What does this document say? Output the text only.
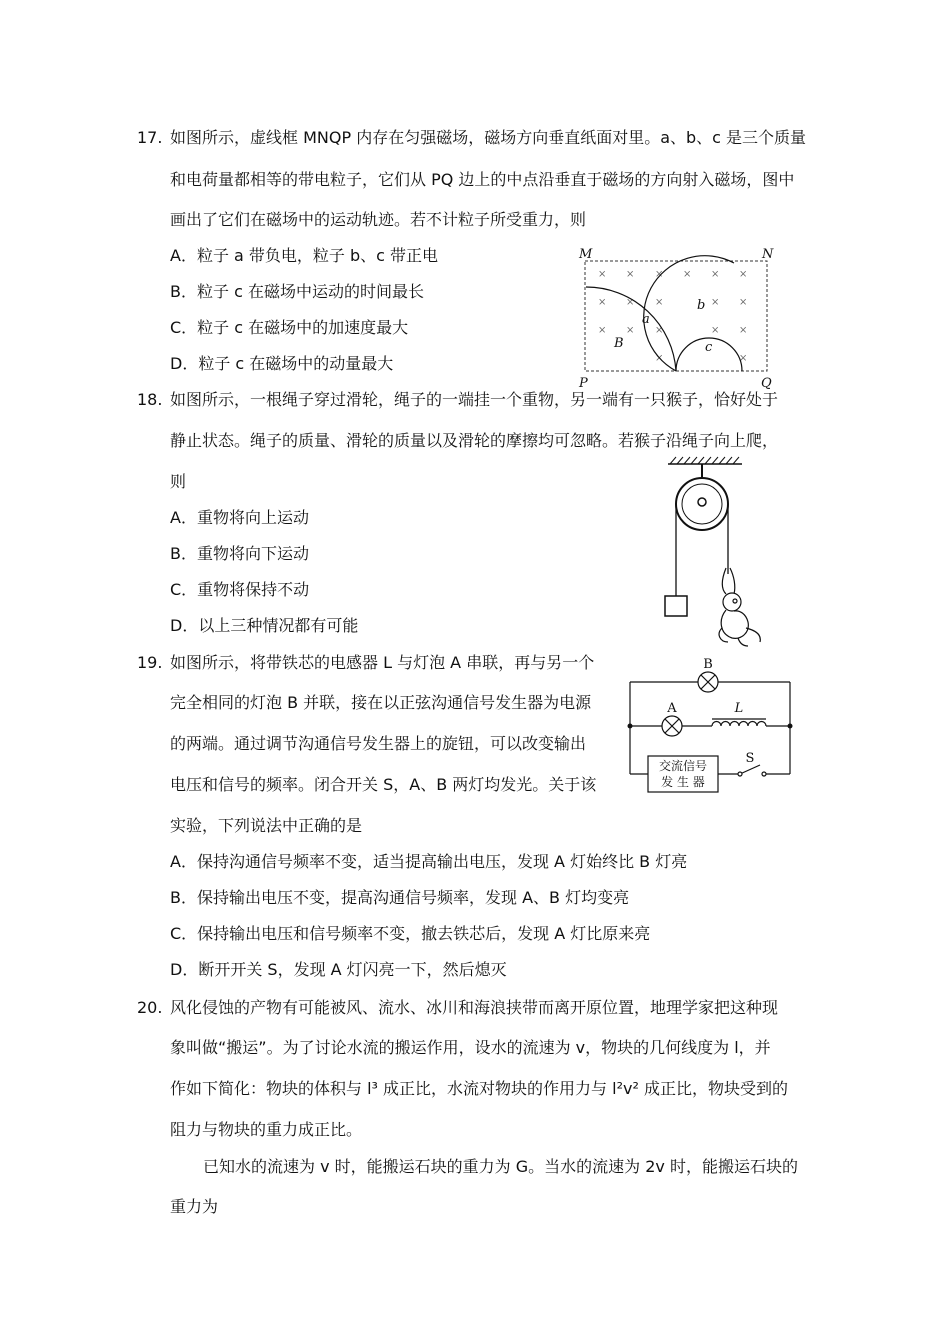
17. 如图所示，虚线框 MNQP 内存在匀强磁场，磁场方向垂直纸面对里。a、b、c 是三个质量
和电荷量都相等的带电粒子，它们从 PQ 边上的中点沿垂直于磁场的方向射入磁场，图中
画出了它们在磁场中的运动轨迹。若不计粒子所受重力，则
A．粒子 a 带负电，粒子 b、c 带正电
B．粒子 c 在磁场中运动的时间最长
C．粒子 c 在磁场中的加速度最大
D．粒子 c 在磁场中的动量最大
× × × × × ×
× × ×	× ×
× × ×	× ×
×	×
M	N
P	Q
a
b
c
B
18. 如图所示，一根绳子穿过滑轮，绳子的一端挂一个重物，另一端有一只猴子，恰好处于
静止状态。绳子的质量、滑轮的质量以及滑轮的摩擦均可忽略。若猴子沿绳子向上爬，
则
A．重物将向上运动
B．重物将向下运动
C．重物将保持不动
D．以上三种情况都有可能
19. 如图所示，将带铁芯的电感器 L 与灯泡 A 串联，再与另一个
完全相同的灯泡 B 并联，接在以正弦沟通信号发生器为电源
的两端。通过调节沟通信号发生器上的旋钮，可以改变输出
电压和信号的频率。闭合开关 S，A、B 两灯均发光。关于该
实验，下列说法中正确的是
A．保持沟通信号频率不变，适当提高输出电压，发现 A 灯始终比 B 灯亮
B．保持输出电压不变，提高沟通信号频率，发现 A、B 灯均变亮
C．保持输出电压和信号频率不变，撤去铁芯后，发现 A 灯比原来亮
D．断开开关 S，发现 A 灯闪亮一下，然后熄灭
交流信号
发 生 器
B
A	L
S
20. 风化侵蚀的产物有可能被风、流水、冰川和海浪挟带而离开原位置，地理学家把这种现
象叫做“搬运”。为了讨论水流的搬运作用，设水的流速为 v，物块的几何线度为 l，并
作如下简化：物块的体积与 l³ 成正比，水流对物块的作用力与 l²v² 成正比，物块受到的
阻力与物块的重力成正比。
已知水的流速为 v 时，能搬运石块的重力为 G。当水的流速为 2v 时，能搬运石块的
重力为
